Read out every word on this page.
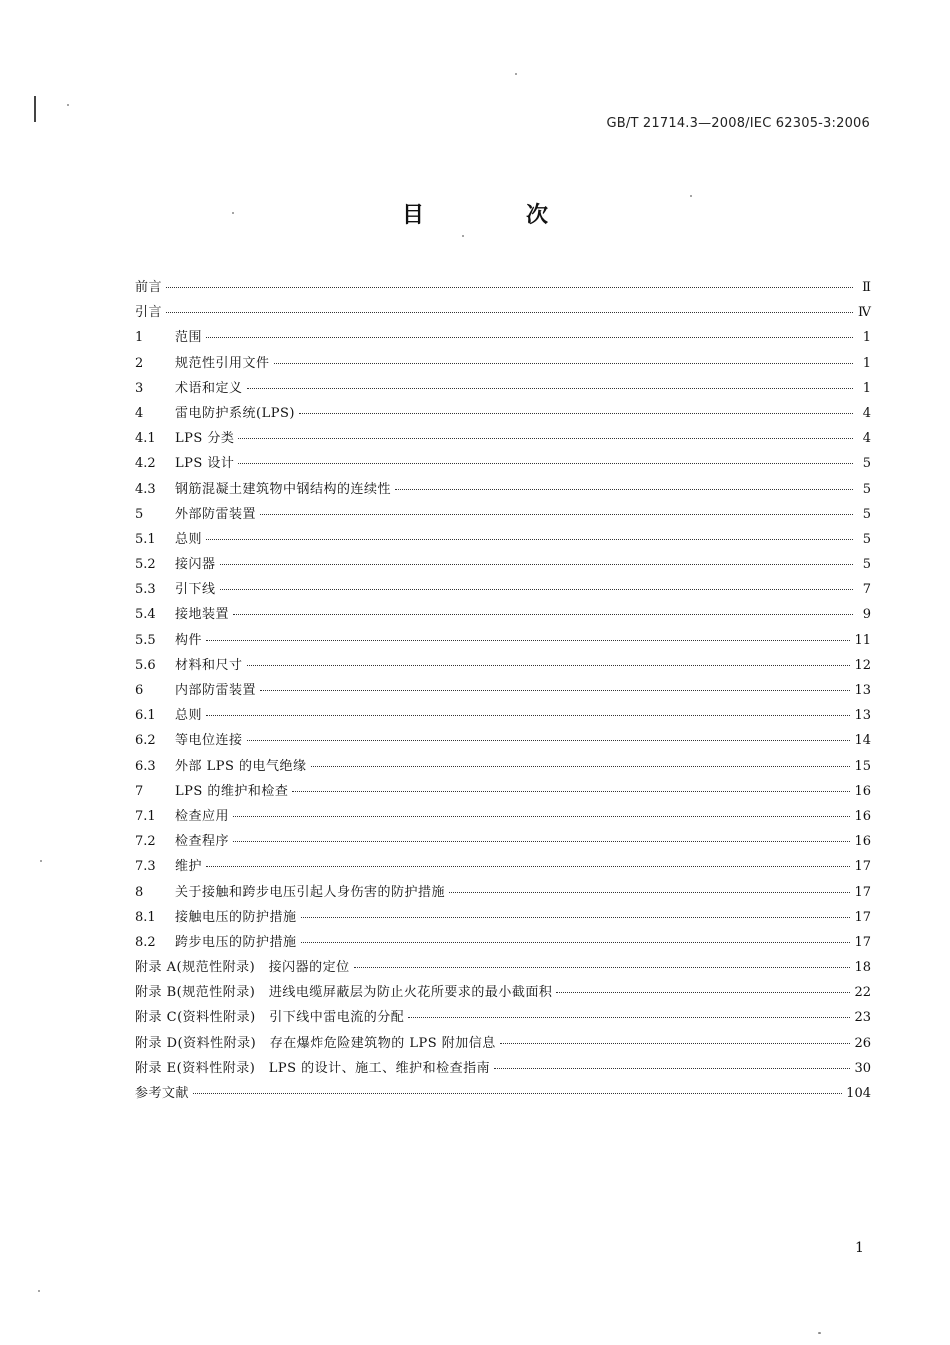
GB/T 21714.3—2008/IEC 62305-3:2006
目　次
前言	Ⅱ
引言	Ⅳ
1	范围	1
2	规范性引用文件	1
3	术语和定义	1
4	雷电防护系统(LPS)	4
4.1	LPS 分类	4
4.2	LPS 设计	5
4.3	钢筋混凝土建筑物中钢结构的连续性	5
5	外部防雷装置	5
5.1	总则	5
5.2	接闪器	5
5.3	引下线	7
5.4	接地装置	9
5.5	构件	11
5.6	材料和尺寸	12
6	内部防雷装置	13
6.1	总则	13
6.2	等电位连接	14
6.3	外部 LPS 的电气绝缘	15
7	LPS 的维护和检查	16
7.1	检查应用	16
7.2	检查程序	16
7.3	维护	17
8	关于接触和跨步电压引起人身伤害的防护措施	17
8.1	接触电压的防护措施	17
8.2	跨步电压的防护措施	17
附录 A(规范性附录)　接闪器的定位	18
附录 B(规范性附录)　进线电缆屏蔽层为防止火花所要求的最小截面积	22
附录 C(资料性附录)　引下线中雷电流的分配	23
附录 D(资料性附录)　存在爆炸危险建筑物的 LPS 附加信息	26
附录 E(资料性附录)　LPS 的设计、施工、维护和检查指南	30
参考文献	104
1
